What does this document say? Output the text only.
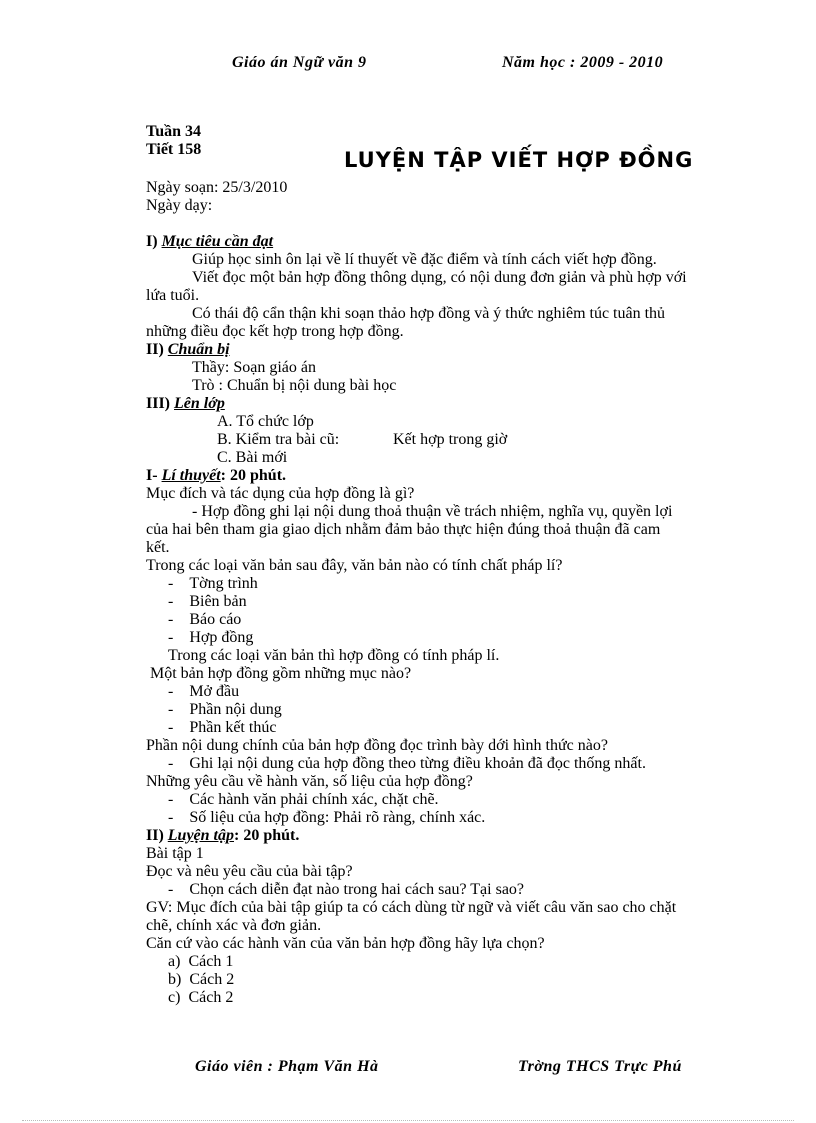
Giáo án Ngữ văn 9	Năm học : 2009 - 2010
Tuần 34
Tiết 158	LUYỆN TẬP VIẾT HỢP ĐỒNG
Ngày soạn: 25/3/2010
Ngày dạy:
I) Mục tiêu cần đạt
Giúp học sinh ôn lại về lí thuyết về đặc điểm và tính cách viết hợp đồng.
Viết đọc một bản hợp đồng thông dụng, có nội dung đơn giản và phù hợp với
lứa tuổi.
Có thái độ cẩn thận khi soạn thảo hợp đồng và ý thức nghiêm túc tuân thủ
những điều đọc kết hợp trong hợp đồng.
II) Chuẩn bị
Thầy: Soạn giáo án
Trò : Chuẩn bị nội dung bài học
III) Lên lớp
A. Tổ chức lớp
B. Kiểm tra bài cũ:	Kết hợp trong giờ
C. Bài mới
I- Lí thuyết: 20 phút.
Mục đích và tác dụng của hợp đồng là gì?
- Hợp đồng ghi lại nội dung thoả thuận về trách nhiệm, nghĩa vụ, quyền lợi
của hai bên tham gia giao dịch nhằm đảm bảo thực hiện đúng thoả thuận đã cam
kết.
Trong các loại văn bản sau đây, văn bản nào có tính chất pháp lí?
-    Tờng trình
-    Biên bản
-    Báo cáo
-    Hợp đồng
Trong các loại văn bản thì hợp đồng có tính pháp lí.
Một bản hợp đồng gồm những mục nào?
-    Mở đầu
-    Phần nội dung
-    Phần kết thúc
Phần nội dung chính của bản hợp đồng đọc trình bày dới hình thức nào?
-    Ghi lại nội dung của hợp đồng theo từng điều khoản đã đọc thống nhất.
Những yêu cầu về hành văn, số liệu của hợp đồng?
-    Các hành văn phải chính xác, chặt chẽ.
-    Số liệu của hợp đồng: Phải rõ ràng, chính xác.
II) Luyện tập: 20 phút.
Bài tập 1
Đọc và nêu yêu cầu của bài tập?
-    Chọn cách diễn đạt nào trong hai cách sau? Tại sao?
GV: Mục đích của bài tập giúp ta có cách dùng từ ngữ và viết câu văn sao cho chặt
chẽ, chính xác và đơn giản.
Căn cứ vào các hành văn của văn bản hợp đồng hãy lựa chọn?
a) Cách 1
b) Cách 2
c) Cách 2
Giáo viên : Phạm Văn Hà	Trờng THCS Trực Phú
